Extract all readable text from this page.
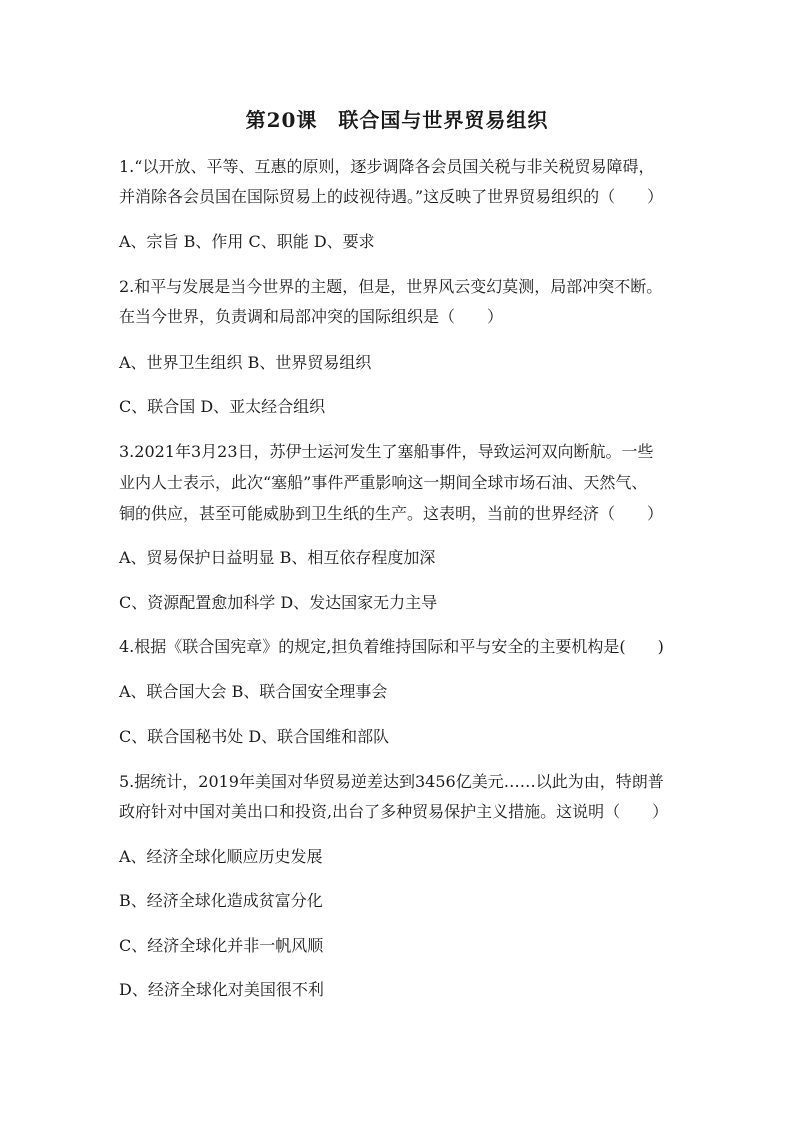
第20课　联合国与世界贸易组织
1.“以开放、平等、互惠的原则，逐步调降各会员国关税与非关税贸易障碍，
并消除各会员国在国际贸易上的歧视待遇。”这反映了世界贸易组织的（　　）
A、宗旨 B、作用 C、职能 D、要求
2.和平与发展是当今世界的主题，但是，世界风云变幻莫测，局部冲突不断。
在当今世界，负责调和局部冲突的国际组织是（　　）
A、世界卫生组织 B、世界贸易组织
C、联合国 D、亚太经合组织
3.2021年3月23日，苏伊士运河发生了塞船事件，导致运河双向断航。一些
业内人士表示，此次“塞船”事件严重影响这一期间全球市场石油、天然气、
铜的供应，甚至可能威胁到卫生纸的生产。这表明，当前的世界经济（　　）
A、贸易保护日益明显 B、相互依存程度加深
C、资源配置愈加科学 D、发达国家无力主导
4.根据《联合国宪章》的规定,担负着维持国际和平与安全的主要机构是(　　)
A、联合国大会 B、联合国安全理事会
C、联合国秘书处 D、联合国维和部队
5.据统计，2019年美国对华贸易逆差达到3456亿美元……以此为由，特朗普
政府针对中国对美出口和投资,出台了多种贸易保护主义措施。这说明（　　）
A、经济全球化顺应历史发展
B、经济全球化造成贫富分化
C、经济全球化并非一帆风顺
D、经济全球化对美国很不利
